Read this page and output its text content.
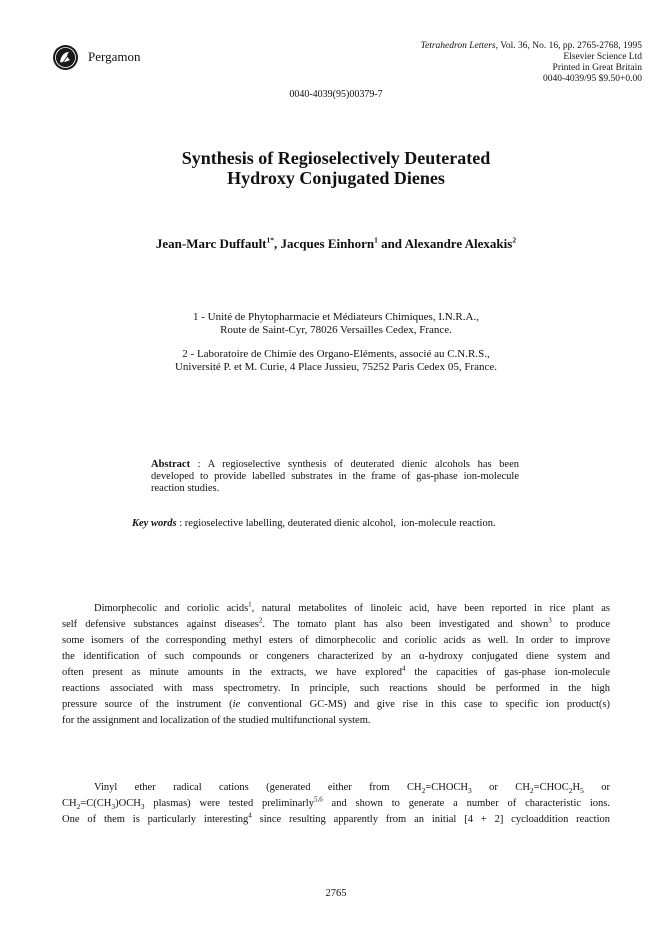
Pergamon
Tetrahedron Letters, Vol. 36, No. 16, pp. 2765-2768, 1995
Elsevier Science Ltd
Printed in Great Britain
0040-4039/95 $9.50+0.00
0040-4039(95)00379-7
Synthesis of Regioselectively Deuterated
Hydroxy Conjugated Dienes
Jean-Marc Duffault$^{1*}$, Jacques Einhorn$^1$ and Alexandre Alexakis$^2$
1 - Unité de Phytopharmacie et Médiateurs Chimiques, I.N.R.A.,
Route de Saint-Cyr, 78026 Versailles Cedex, France.
2 - Laboratoire de Chimie des Organo-Eléments, associé au C.N.R.S.,
Université P. et M. Curie, 4 Place Jussieu, 75252 Paris Cedex 05, France.
Abstract : A regioselective synthesis of deuterated dienic alcohols has been
developed to provide labelled substrates in the frame of gas-phase ion-molecule
reaction studies.
Key words : regioselective labelling, deuterated dienic alcohol,  ion-molecule reaction.
Dimorphecolic and coriolic acids$^1$, natural metabolites of linoleic acid, have been reported in rice plant as
self defensive substances against diseases$^2$. The tomato plant has also been investigated and shown$^3$ to produce
some isomers of the corresponding methyl esters of dimorphecolic and coriolic acids as well. In order to improve
the identification of such compounds or congeners characterized by an α-hydroxy conjugated diene system and
often present as minute amounts in the extracts, we have explored$^4$ the capacities of gas-phase ion-molecule
reactions associated with mass spectrometry. In principle, such reactions should be performed in the high
pressure source of the instrument (ie conventional GC-MS) and give rise in this case to specific ion product(s)
for the assignment and localization of the studied multifunctional system.
Vinyl ether radical cations (generated either from $CH_2=CHOCH_3$ or $CH_2=CHOC_2H_5$ or
$CH_2=C(CH_3)OCH_3$ plasmas) were tested preliminarly$^{5,6}$ and shown to generate a number of characteristic ions.
One of them is particularly interesting$^4$ since resulting apparently from an initial [4 + 2] cycloaddition reaction
2765
